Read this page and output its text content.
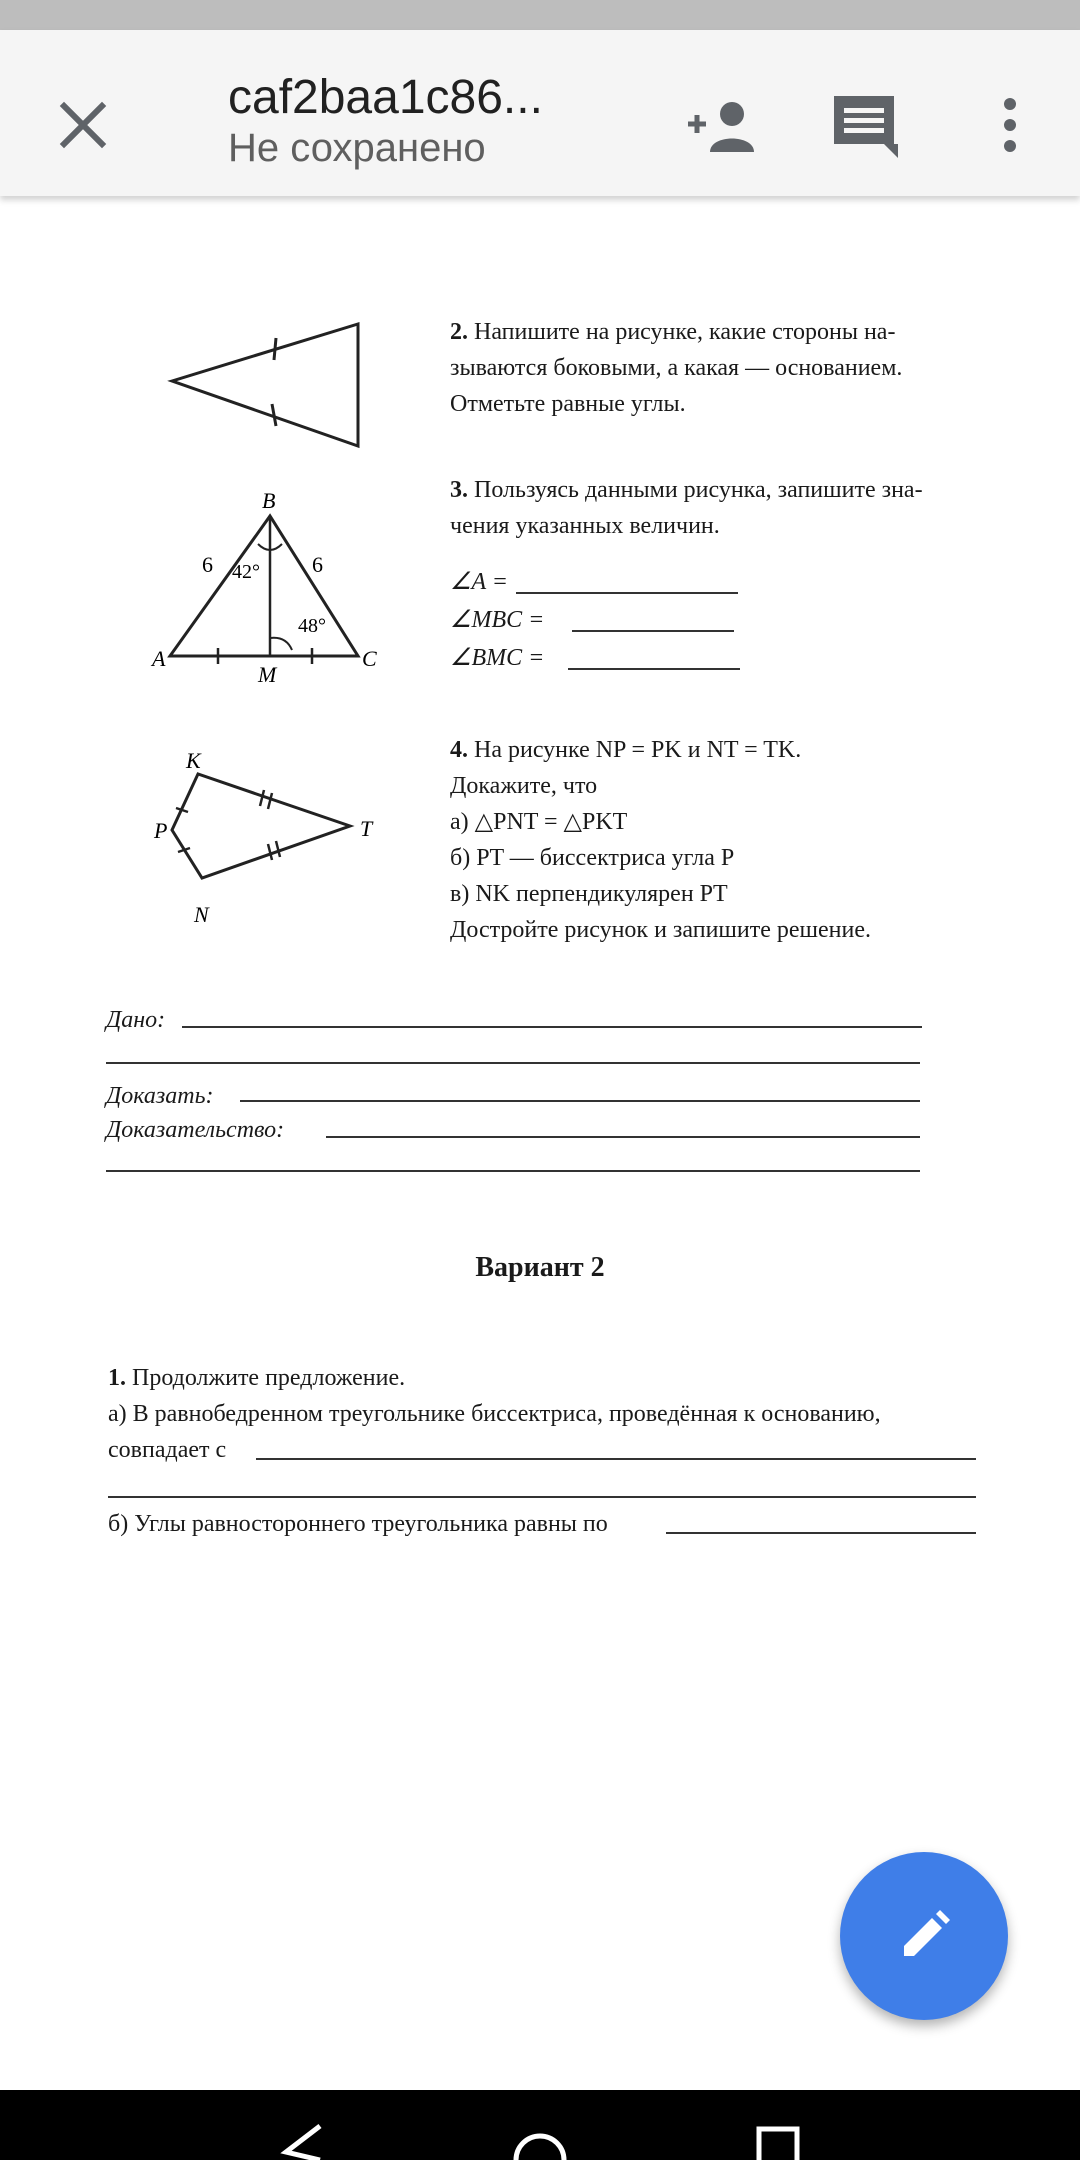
caf2baa1c86...
Не сохранено
2. Напишите на рисунке, какие стороны на-
зываются боковыми, а какая — основанием.
Отметьте равные углы.
B
A	C
M
6	6
42°
48°
3. Пользуясь данными рисунка, запишите зна-
чения указанных величин.
∠A =
∠MBC =
∠BMC =
K
P	T
N
4. На рисунке NP = PK и NT = TK.
Докажите, что
а) △PNT = △PKT
б) PT — биссектриса угла P
в) NK перпендикулярен PT
Достройте рисунок и запишите решение.
Дано:
Доказать:
Доказательство:
Вариант 2
1. Продолжите предложение.
а) В равнобедренном треугольнике биссектриса, проведённая к основанию,
совпадает с
б) Углы равностороннего треугольника равны по
